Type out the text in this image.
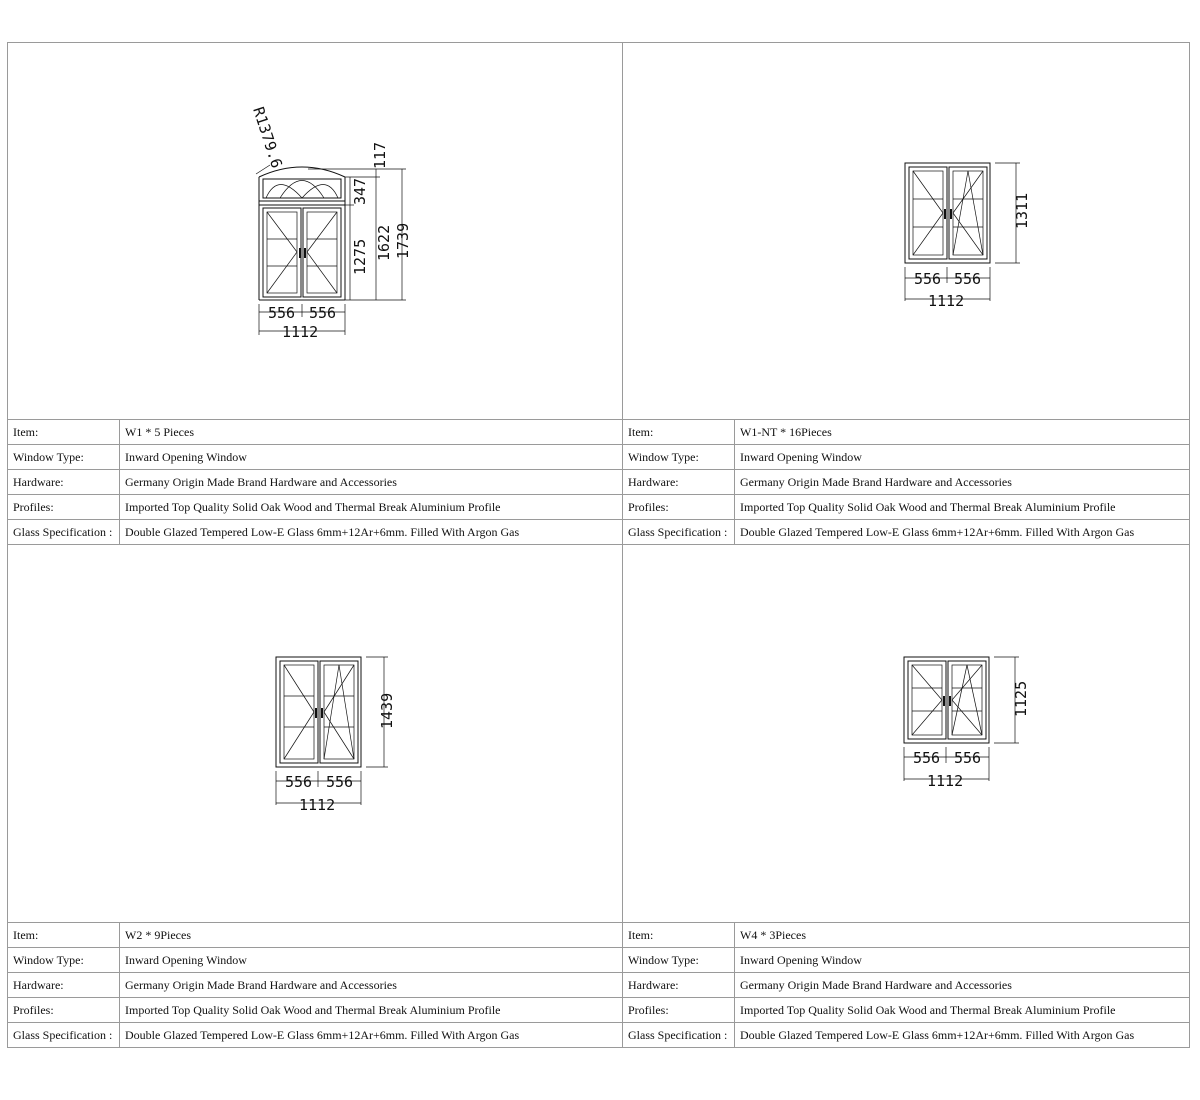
R1379.6	117
347
1275 1622 1739
556 556
1112
Item:	W1 * 5 Pieces
Window Type:	Inward Opening Window
Hardware:	Germany Origin Made Brand Hardware and Accessories
Profiles:	Imported Top Quality Solid Oak Wood and Thermal Break Aluminium Profile
Glass Specification :	Double Glazed Tempered Low-E Glass 6mm+12Ar+6mm. Filled With Argon Gas
1311
556 556
1112
Item:	W1-NT * 16Pieces
Window Type:	Inward Opening Window
Hardware:	Germany Origin Made Brand Hardware and Accessories
Profiles:	Imported Top Quality Solid Oak Wood and Thermal Break Aluminium Profile
Glass Specification :	Double Glazed Tempered Low-E Glass 6mm+12Ar+6mm. Filled With Argon Gas
1439
556 556
1112
Item:	W2 * 9Pieces
Window Type:	Inward Opening Window
Hardware:	Germany Origin Made Brand Hardware and Accessories
Profiles:	Imported Top Quality Solid Oak Wood and Thermal Break Aluminium Profile
Glass Specification :	Double Glazed Tempered Low-E Glass 6mm+12Ar+6mm. Filled With Argon Gas
1125
556 556
1112
Item:	W4 * 3Pieces
Window Type:	Inward Opening Window
Hardware:	Germany Origin Made Brand Hardware and Accessories
Profiles:	Imported Top Quality Solid Oak Wood and Thermal Break Aluminium Profile
Glass Specification :	Double Glazed Tempered Low-E Glass 6mm+12Ar+6mm. Filled With Argon Gas
